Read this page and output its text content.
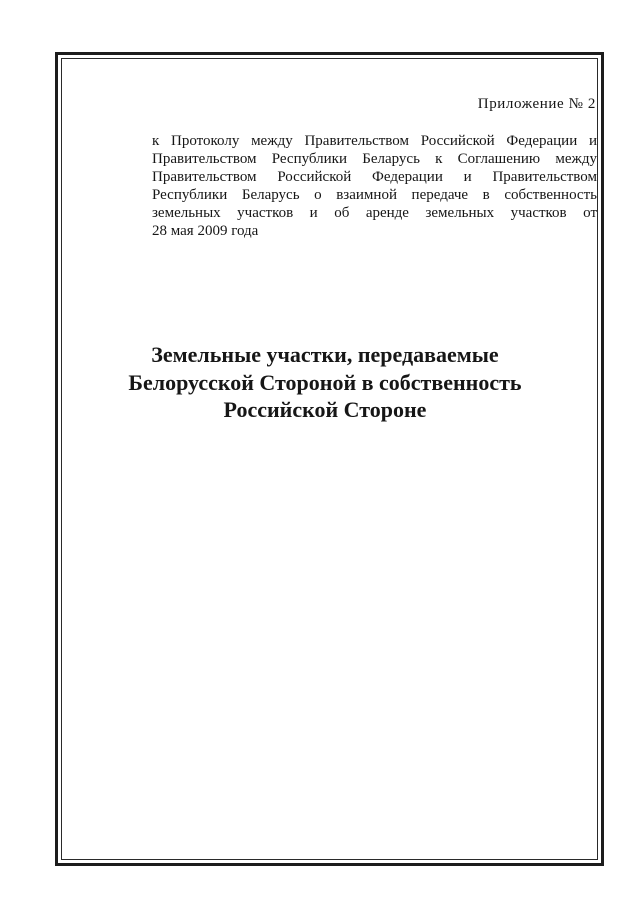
Приложение № 2
к Протоколу между Правительством Российской Федерации и
Правительством Республики Беларусь к Соглашению между
Правительством Российской Федерации и Правительством
Республики Беларусь о взаимной передаче в собственность
земельных участков и об аренде земельных участков от
28 мая 2009 года
Земельные участки, передаваемые
Белорусской Стороной в собственность
Российской Стороне
